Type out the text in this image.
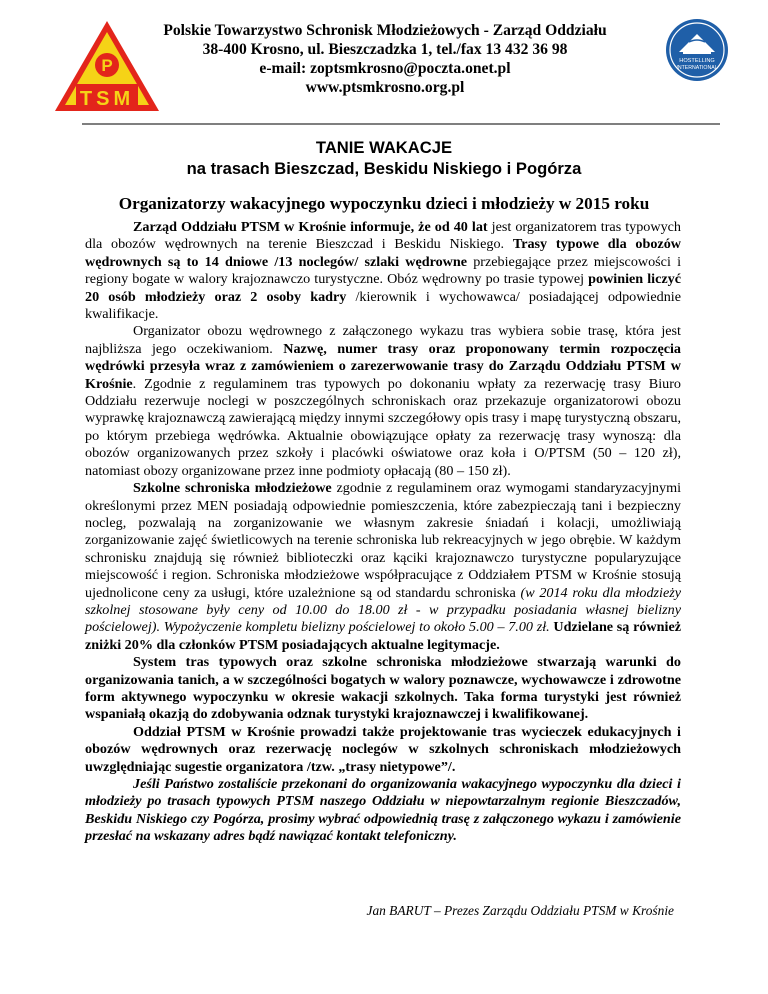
P
TSM
HOSTELLING
INTERNATIONAL
Polskie Towarzystwo Schronisk Młodzieżowych - Zarząd Oddziału
38-400 Krosno, ul. Bieszczadzka 1, tel./fax 13 432 36 98
e-mail: zoptsmkrosno@poczta.onet.pl
www.ptsmkrosno.org.pl
TANIE WAKACJE
na trasach Bieszczad, Beskidu Niskiego i Pogórza
Organizatorzy wakacyjnego wypoczynku dzieci i młodzieży w 2015 roku

Zarząd Oddziału PTSM w Krośnie informuje, że od 40 lat jest organizatorem tras typowych dla obozów wędrownych na terenie Bieszczad i Beskidu Niskiego. Trasy typowe dla obozów wędrownych są to 14 dniowe /13 noclegów/ szlaki wędrowne przebiegające przez miejscowości i regiony bogate w walory krajoznawczo turystyczne. Obóz wędrowny po trasie typowej powinien liczyć 20 osób młodzieży oraz 2 osoby kadry /kierownik i wychowawca/ posiadającej odpowiednie kwalifikacje.

Organizator obozu wędrownego z załączonego wykazu tras wybiera sobie trasę, która jest najbliższa jego oczekiwaniom. Nazwę, numer trasy oraz proponowany termin rozpoczęcia wędrówki przesyła wraz z zamówieniem o zarezerwowanie trasy do Zarządu Oddziału PTSM w Krośnie. Zgodnie z regulaminem tras typowych po dokonaniu wpłaty za rezerwację trasy Biuro Oddziału rezerwuje noclegi w poszczególnych schroniskach oraz przekazuje organizatorowi obozu wyprawkę krajoznawczą zawierającą między innymi szczegółowy opis trasy i mapę turystyczną obszaru, po którym przebiega wędrówka. Aktualnie obowiązujące opłaty za rezerwację trasy wynoszą: dla obozów organizowanych przez szkoły i placówki oświatowe oraz koła i O/PTSM (50 – 120 zł), natomiast obozy organizowane przez inne podmioty opłacają (80 – 150 zł).

Szkolne schroniska młodzieżowe zgodnie z regulaminem oraz wymogami standaryzacyjnymi określonymi przez MEN posiadają odpowiednie pomieszczenia, które zabezpieczają tani i bezpieczny nocleg, pozwalają na zorganizowanie we własnym zakresie śniadań i kolacji, umożliwiają zorganizowanie zajęć świetlicowych na terenie schroniska lub rekreacyjnych w jego obrębie. W każdym schronisku znajdują się również biblioteczki oraz kąciki krajoznawczo turystyczne popularyzujące miejscowość i region. Schroniska młodzieżowe współpracujące z Oddziałem PTSM w Krośnie stosują ujednolicone ceny za usługi, które uzależnione są od standardu schroniska (w 2014 roku dla młodzieży szkolnej stosowane były ceny od 10.00 do 18.00 zł - w przypadku posiadania własnej bielizny pościelowej). Wypożyczenie kompletu bielizny pościelowej to około 5.00 – 7.00 zł. Udzielane są również zniżki 20% dla członków PTSM posiadających aktualne legitymacje.

System tras typowych oraz szkolne schroniska młodzieżowe stwarzają warunki do organizowania tanich, a w szczególności bogatych w walory poznawcze, wychowawcze i zdrowotne form aktywnego wypoczynku w okresie wakacji szkolnych. Taka forma turystyki jest również wspaniałą okazją do zdobywania odznak turystyki krajoznawczej i kwalifikowanej.

Oddział PTSM w Krośnie prowadzi także projektowanie tras wycieczek edukacyjnych i obozów wędrownych oraz rezerwację noclegów w szkolnych schroniskach młodzieżowych uwzględniając sugestie organizatora /tzw. „trasy nietypowe”/.

Jeśli Państwo zostaliście przekonani do organizowania wakacyjnego wypoczynku dla dzieci i młodzieży po trasach typowych PTSM naszego Oddziału w niepowtarzalnym regionie Bieszczadów, Beskidu Niskiego czy Pogórza, prosimy wybrać odpowiednią trasę z załączonego wykazu i zamówienie przesłać na wskazany adres bądź nawiązać kontakt telefoniczny.

Jan BARUT – Prezes Zarządu Oddziału PTSM w Krośnie
